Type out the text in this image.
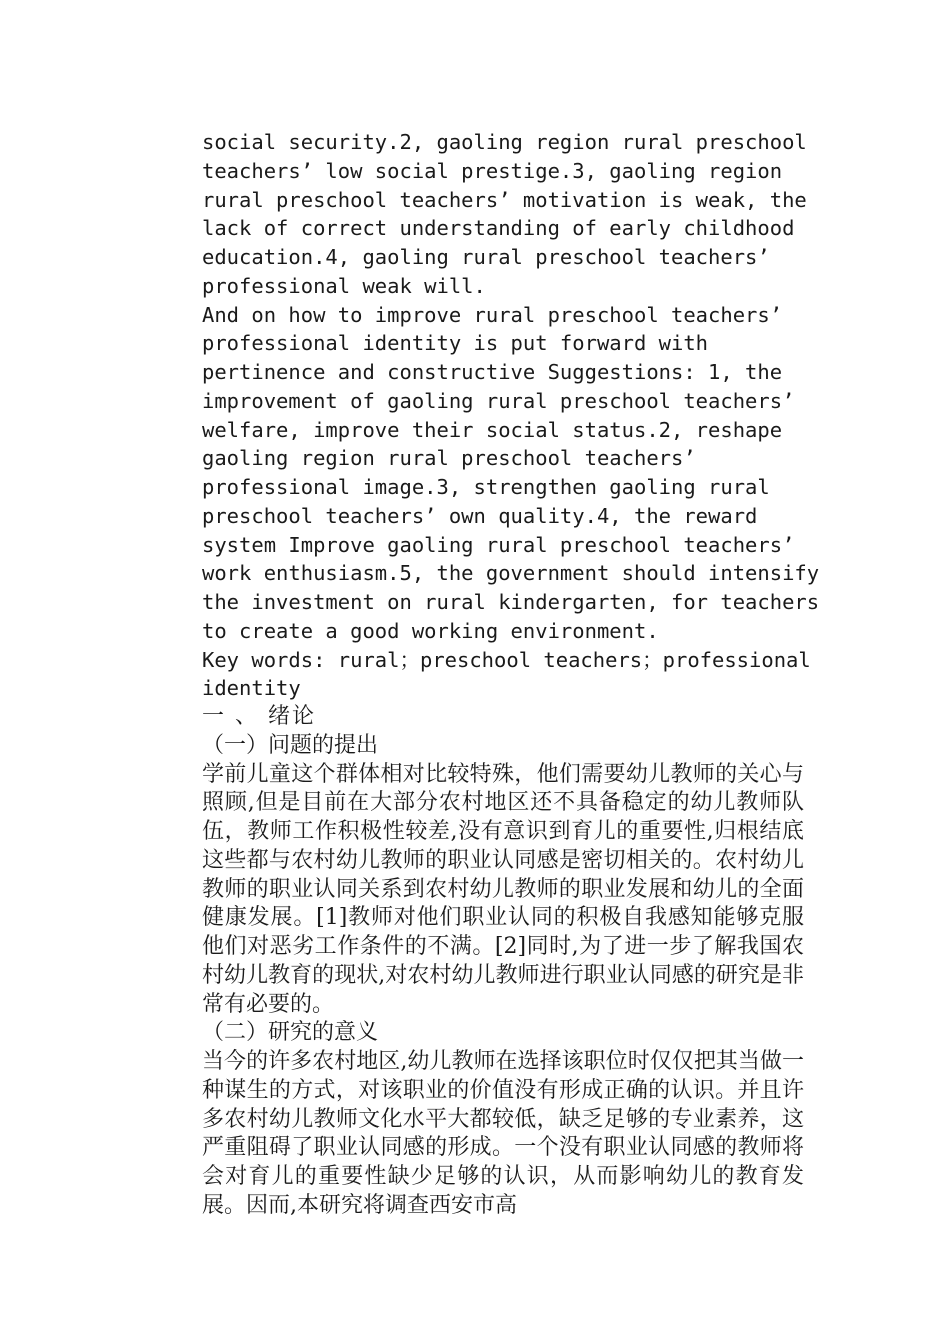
social security.2, gaoling region rural preschool teachers’ low social prestige.3, gaoling region rural preschool teachers’ motivation is weak, the lack of correct understanding of early childhood education.4, gaoling rural preschool teachers’ professional weak will.

And on how to improve rural preschool teachers’ professional identity is put forward with pertinence and constructive Suggestions: 1, the improvement of gaoling rural preschool teachers’ welfare, improve their social status.2, reshape gaoling region rural preschool teachers’ professional image.3, strengthen gaoling rural preschool teachers’ own quality.4, the reward system Improve gaoling rural preschool teachers’ work enthusiasm.5, the government should intensify the investment on rural kindergarten, for teachers to create a good working environment.

Key words: rural；preschool teachers；professional identity

一 、 绪论

（一）问题的提出

学前儿童这个群体相对比较特殊，他们需要幼儿教师的关心与照顾,但是目前在大部分农村地区还不具备稳定的幼儿教师队伍，教师工作积极性较差,没有意识到育儿的重要性,归根结底这些都与农村幼儿教师的职业认同感是密切相关的。农村幼儿教师的职业认同关系到农村幼儿教师的职业发展和幼儿的全面健康发展。[1]教师对他们职业认同的积极自我感知能够克服他们对恶劣工作条件的不满。[2]同时,为了进一步了解我国农村幼儿教育的现状,对农村幼儿教师进行职业认同感的研究是非常有必要的。

（二）研究的意义

当今的许多农村地区,幼儿教师在选择该职位时仅仅把其当做一种谋生的方式，对该职业的价值没有形成正确的认识。并且许多农村幼儿教师文化水平大都较低，缺乏足够的专业素养，这严重阻碍了职业认同感的形成。一个没有职业认同感的教师将会对育儿的重要性缺少足够的认识，从而影响幼儿的教育发展。因而,本研究将调查西安市高
